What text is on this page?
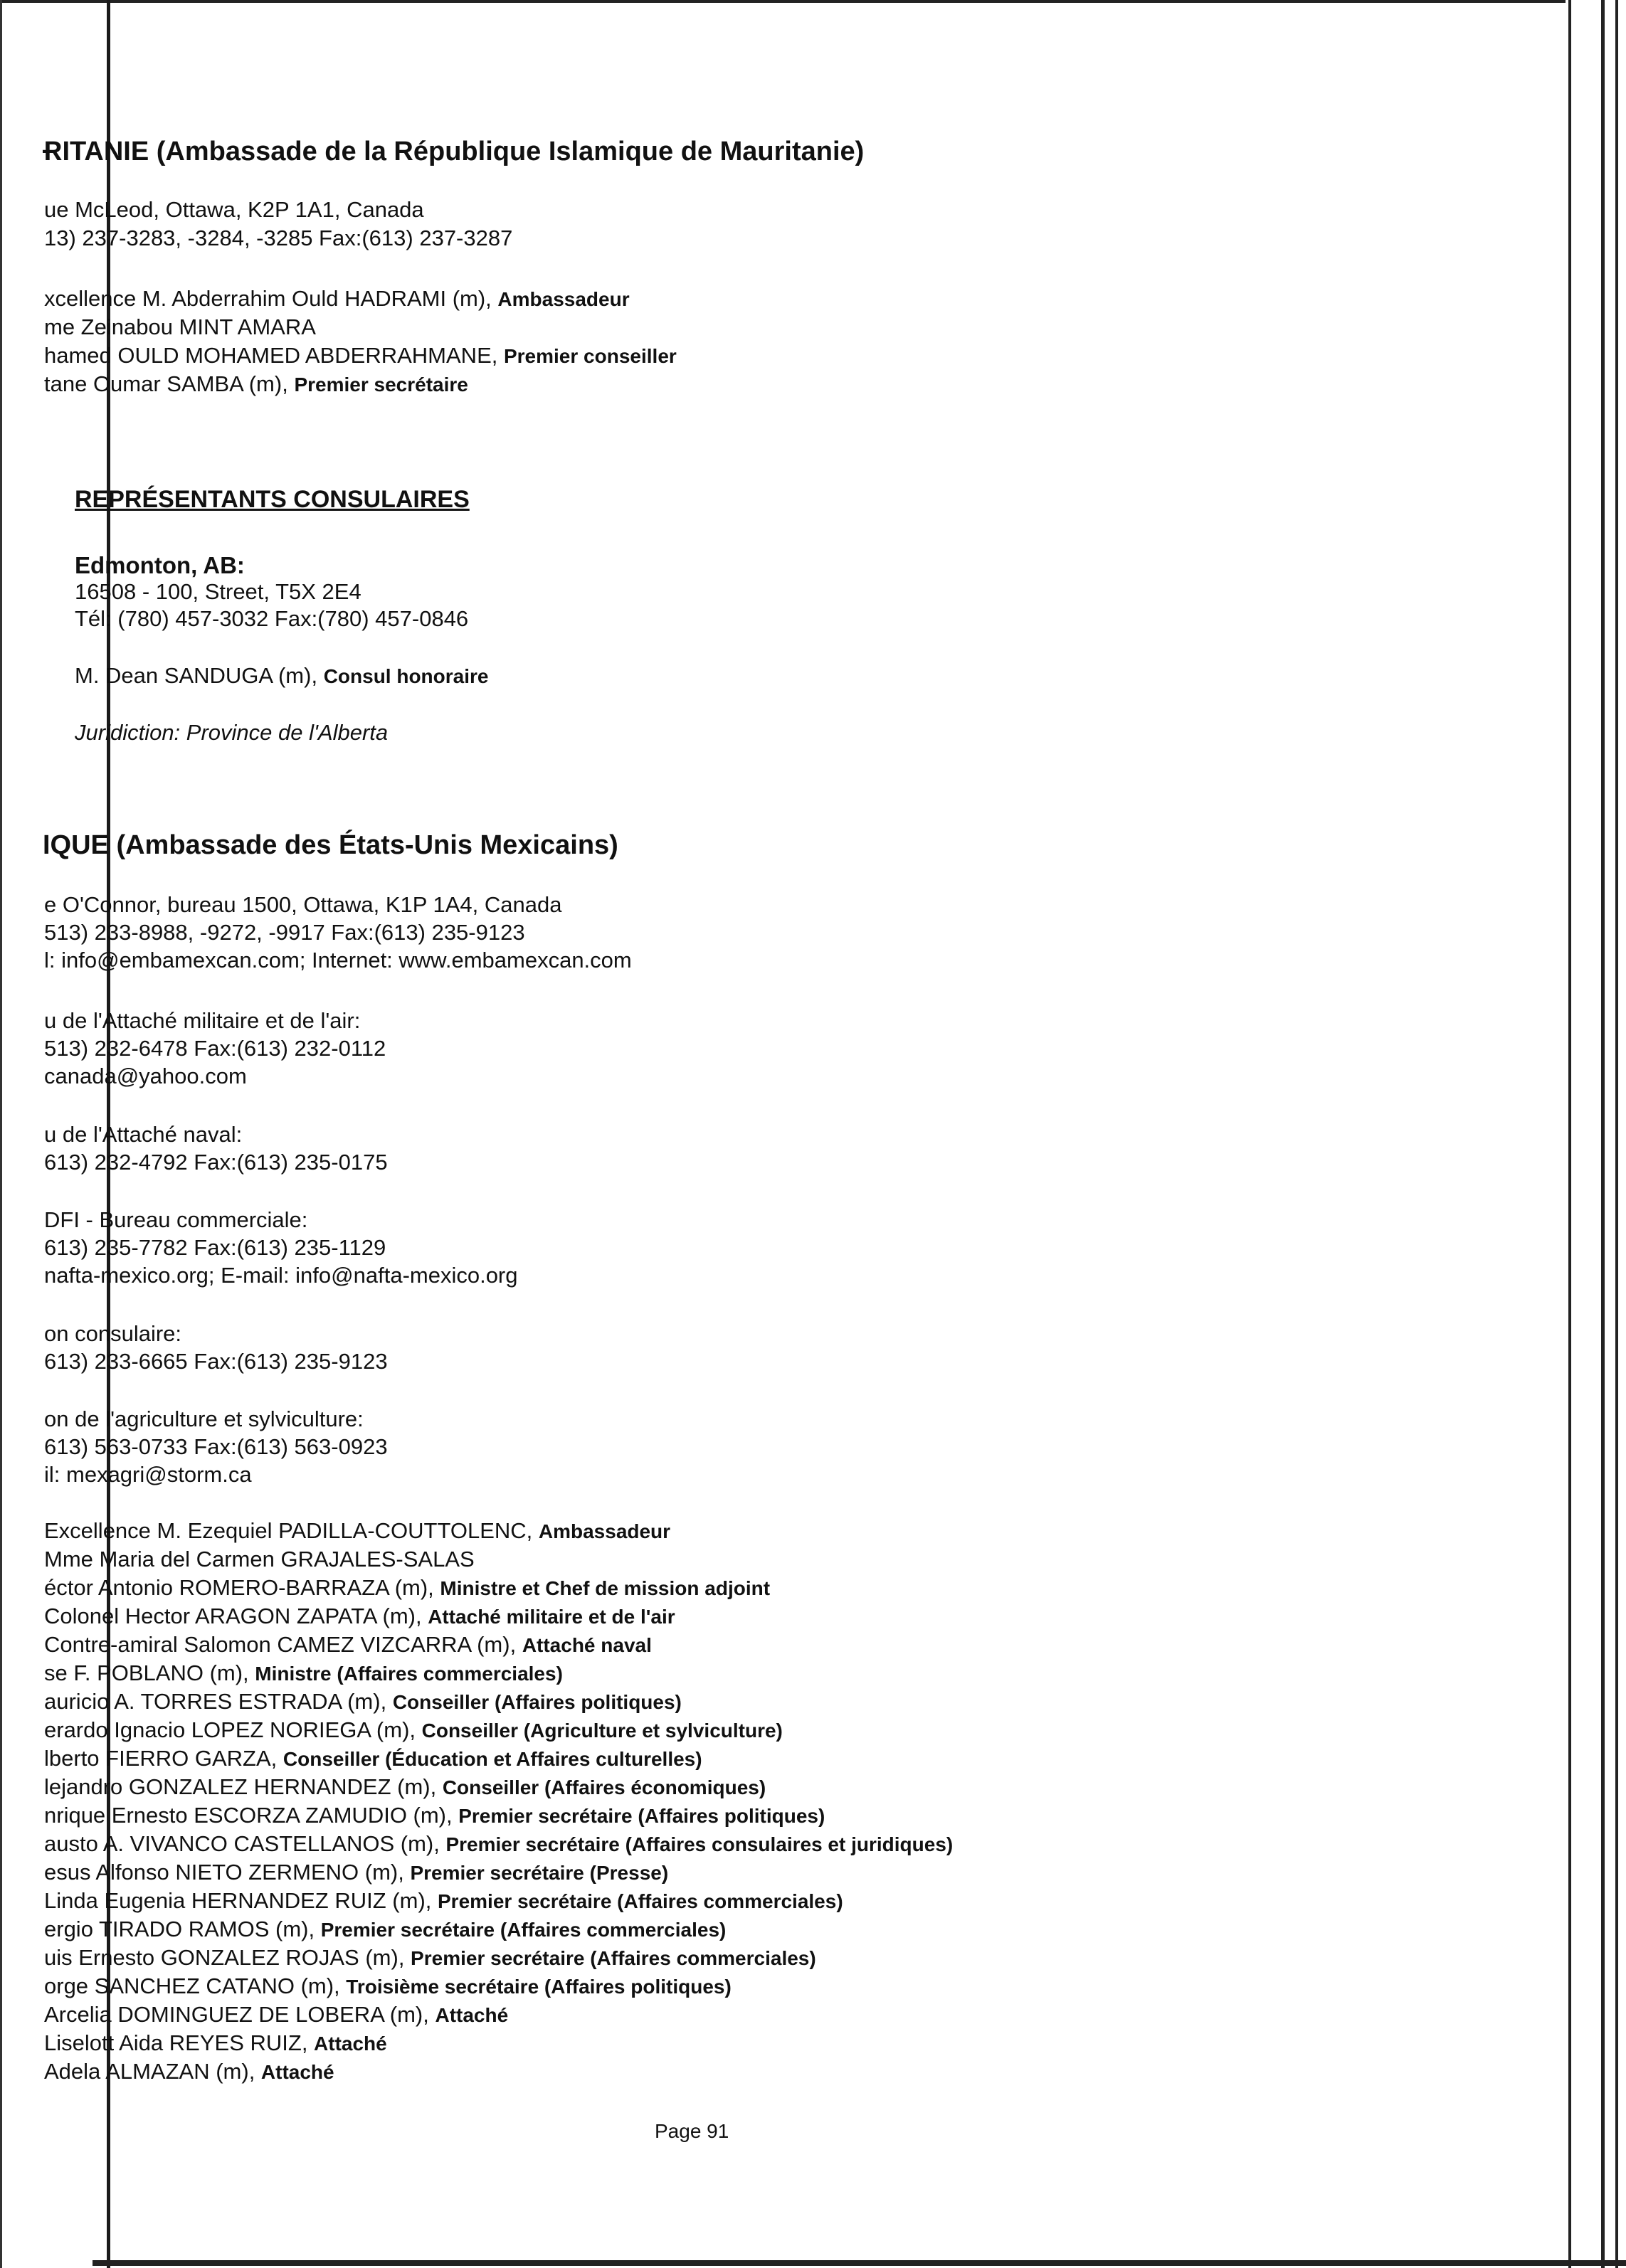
ɌITANIE (Ambassade de la République Islamique de Mauritanie)
ue McLeod, Ottawa, K2P 1A1, Canada
13) 237-3283, -3284, -3285 Fax:(613) 237-3287
xcellence M. Abderrahim Ould HADRAMI (m), Ambassadeur
me Zeinabou MINT AMARA
hamed OULD MOHAMED ABDERRAHMANE, Premier conseiller
tane Oumar SAMBA (m), Premier secrétaire
REPRÉSENTANTS CONSULAIRES
Edmonton, AB:
16508 - 100, Street, T5X 2E4
Tél: (780) 457-3032 Fax:(780) 457-0846
M. Dean SANDUGA (m), Consul honoraire
Juridiction: Province de l'Alberta
IQUE (Ambassade des États-Unis Mexicains)
e O'Connor, bureau 1500, Ottawa, K1P 1A4, Canada
513) 233-8988, -9272, -9917 Fax:(613) 235-9123
l: info@embamexcan.com; Internet: www.embamexcan.com
u de l'Attaché militaire et de l'air:
513) 232-6478 Fax:(613) 232-0112
canada@yahoo.com
u de l'Attaché naval:
613) 232-4792 Fax:(613) 235-0175
DFI - Bureau commerciale:
613) 235-7782 Fax:(613) 235-1129
nafta-mexico.org; E-mail: info@nafta-mexico.org
on consulaire:
613) 233-6665 Fax:(613) 235-9123
on de l'agriculture et sylviculture:
613) 563-0733 Fax:(613) 563-0923
il: mexagri@storm.ca
Excellence M. Ezequiel PADILLA-COUTTOLENC, Ambassadeur
Mme Maria del Carmen GRAJALES-SALAS
éctor Antonio ROMERO-BARRAZA (m), Ministre et Chef de mission adjoint
Colonel Hector ARAGON ZAPATA (m), Attaché militaire et de l'air
Contre-amiral Salomon CAMEZ VIZCARRA (m), Attaché naval
se F. POBLANO (m), Ministre (Affaires commerciales)
auricio A. TORRES ESTRADA (m), Conseiller (Affaires politiques)
erardo Ignacio LOPEZ NORIEGA (m), Conseiller (Agriculture et sylviculture)
lberto FIERRO GARZA, Conseiller (Éducation et Affaires culturelles)
lejandro GONZALEZ HERNANDEZ (m), Conseiller (Affaires économiques)
nrique Ernesto ESCORZA ZAMUDIO (m), Premier secrétaire (Affaires politiques)
austo A. VIVANCO CASTELLANOS (m), Premier secrétaire (Affaires consulaires et juridiques)
esus Alfonso NIETO ZERMENO (m), Premier secrétaire (Presse)
Linda Eugenia HERNANDEZ RUIZ (m), Premier secrétaire (Affaires commerciales)
ergio TIRADO RAMOS (m), Premier secrétaire (Affaires commerciales)
uis Ernesto GONZALEZ ROJAS (m), Premier secrétaire (Affaires commerciales)
orge SANCHEZ CATANO (m), Troisième secrétaire (Affaires politiques)
Arcelia DOMINGUEZ DE LOBERA (m), Attaché
Liselott Aida REYES RUIZ, Attaché
Adela ALMAZAN (m), Attaché
Page 91
